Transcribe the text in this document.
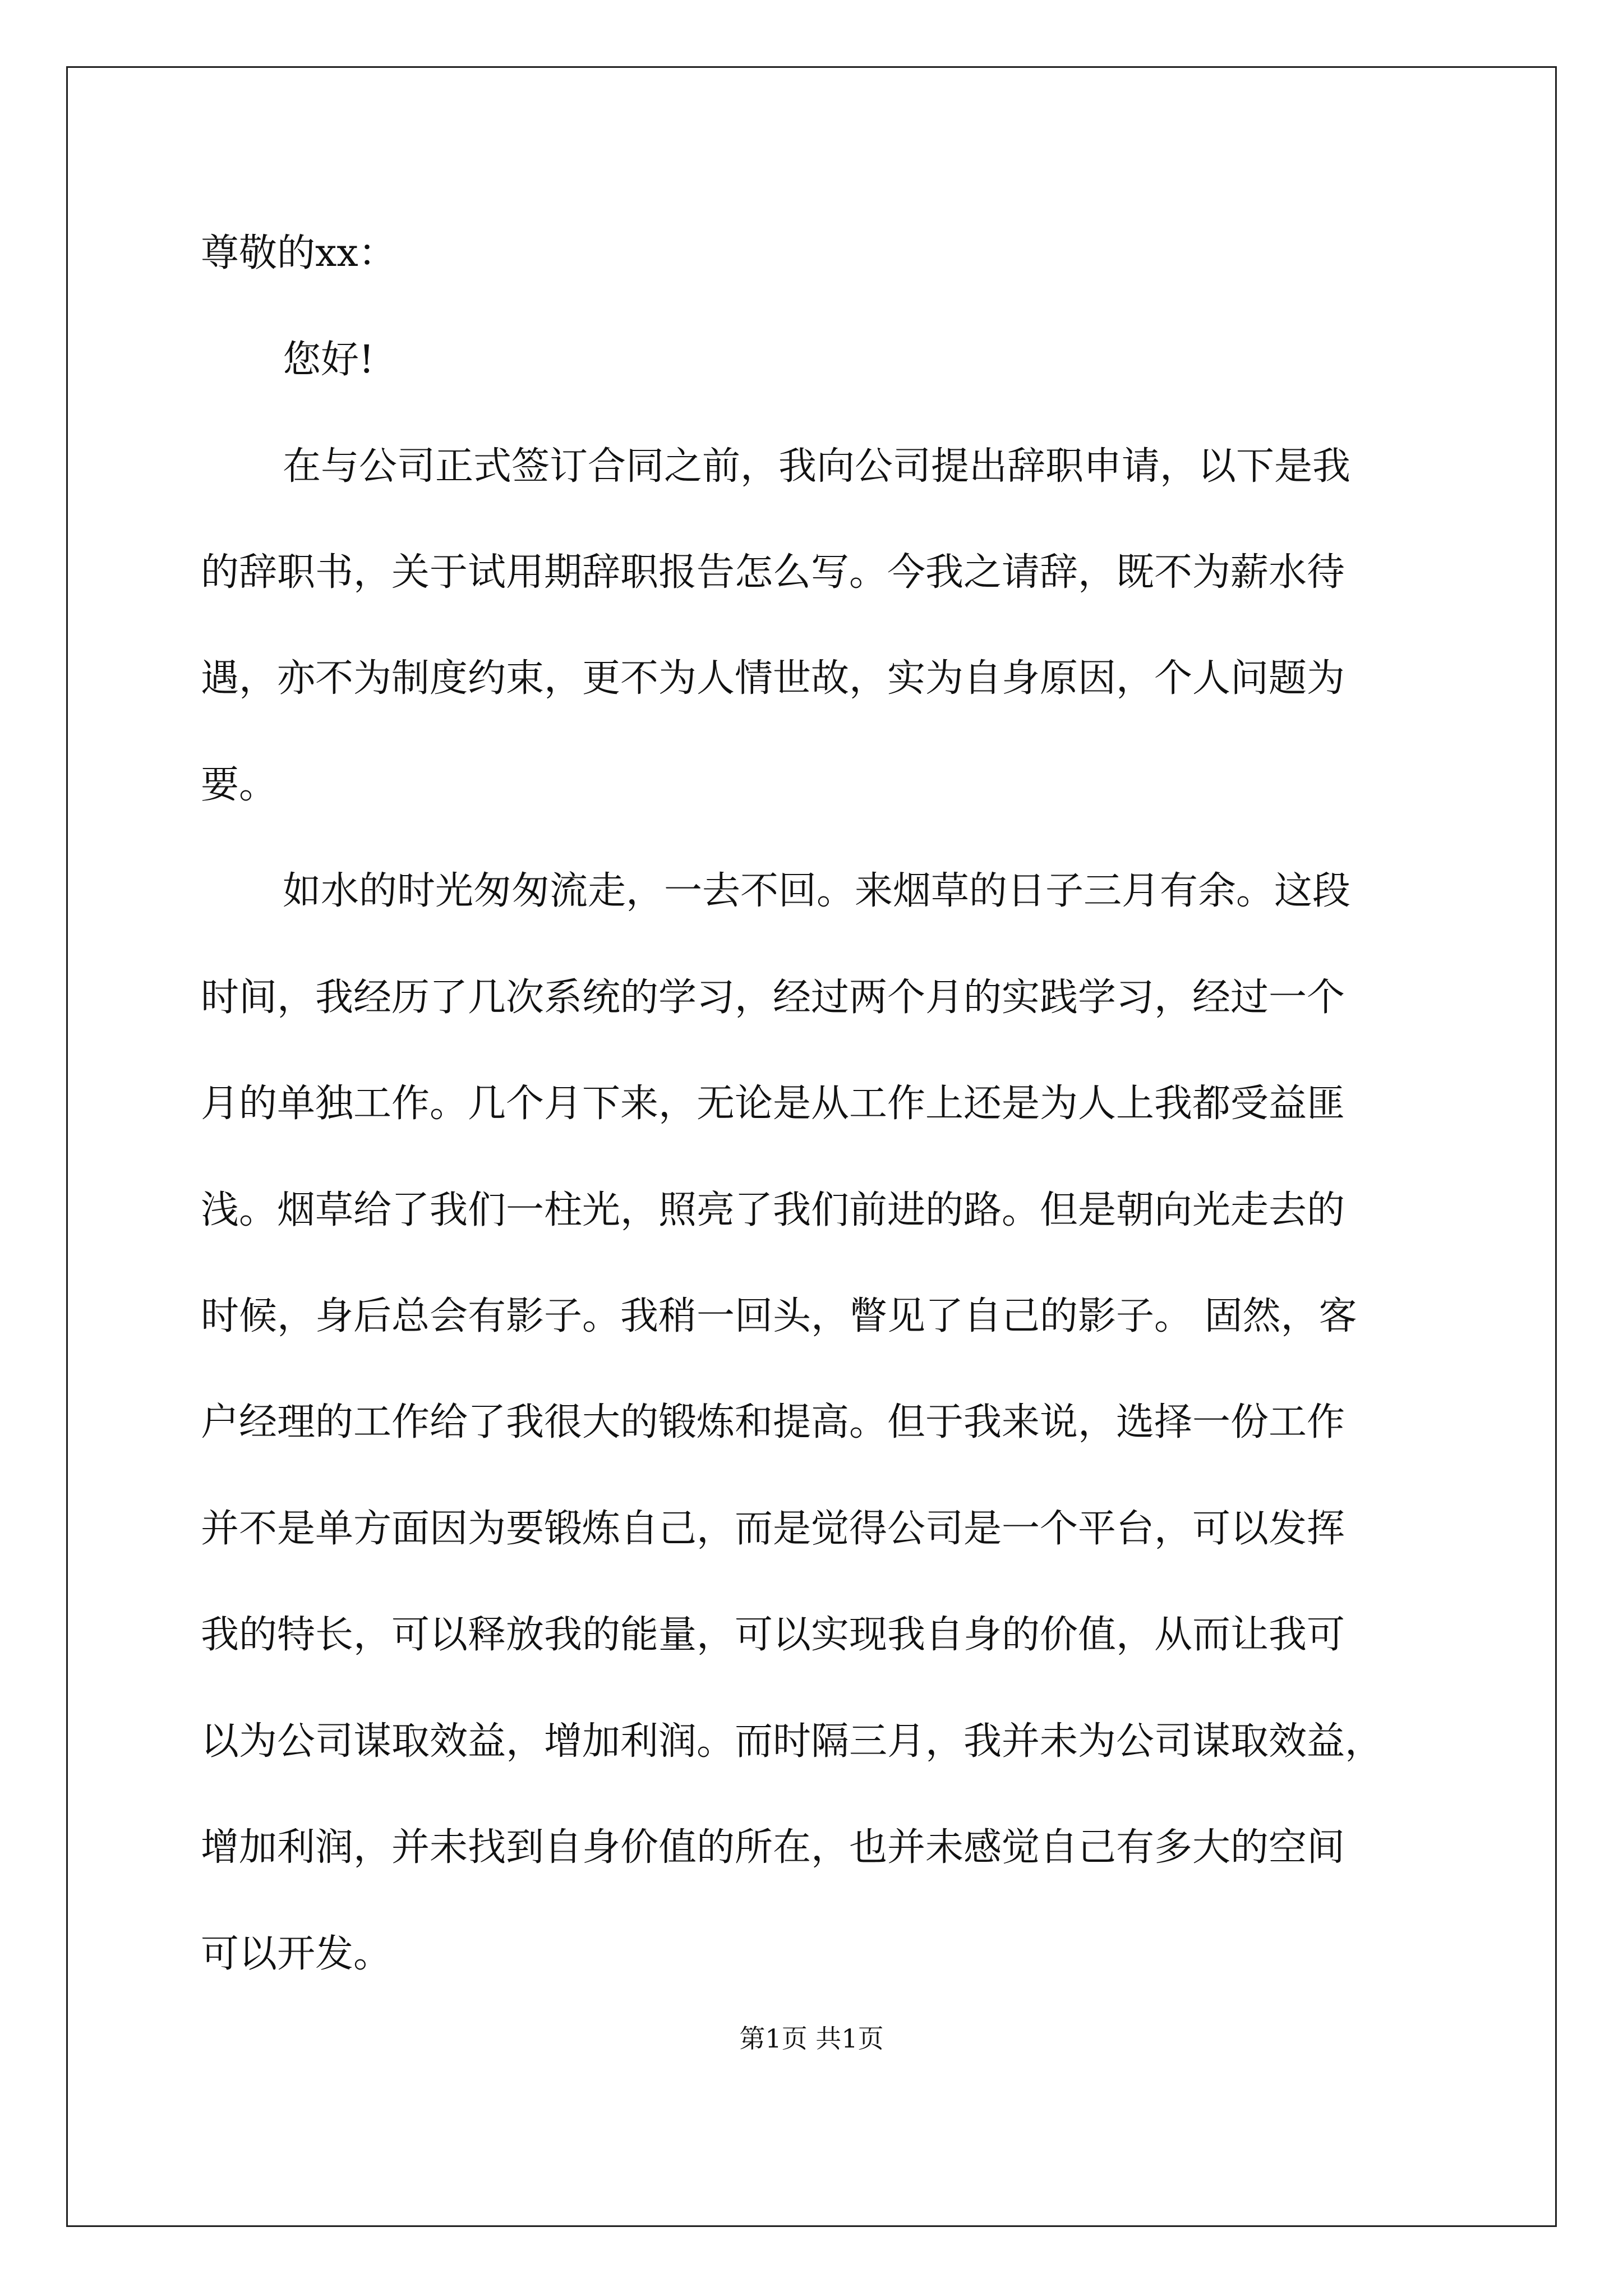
尊敬的xx：
您好!
在与公司正式签订合同之前，我向公司提出辞职申请，以下是我
的辞职书，关于试用期辞职报告怎么写。今我之请辞，既不为薪水待
遇，亦不为制度约束，更不为人情世故，实为自身原因，个人问题为
要。
如水的时光匆匆流走，一去不回。来烟草的日子三月有余。这段
时间，我经历了几次系统的学习，经过两个月的实践学习，经过一个
月的单独工作。几个月下来，无论是从工作上还是为人上我都受益匪
浅。烟草给了我们一柱光，照亮了我们前进的路。但是朝向光走去的
时候，身后总会有影子。我稍一回头，瞥见了自己的影子。 固然，客
户经理的工作给了我很大的锻炼和提高。但于我来说，选择一份工作
并不是单方面因为要锻炼自己，而是觉得公司是一个平台，可以发挥
我的特长，可以释放我的能量，可以实现我自身的价值，从而让我可
以为公司谋取效益，增加利润。而时隔三月，我并未为公司谋取效益，
增加利润，并未找到自身价值的所在，也并未感觉自己有多大的空间
可以开发。
第1页 共1页
